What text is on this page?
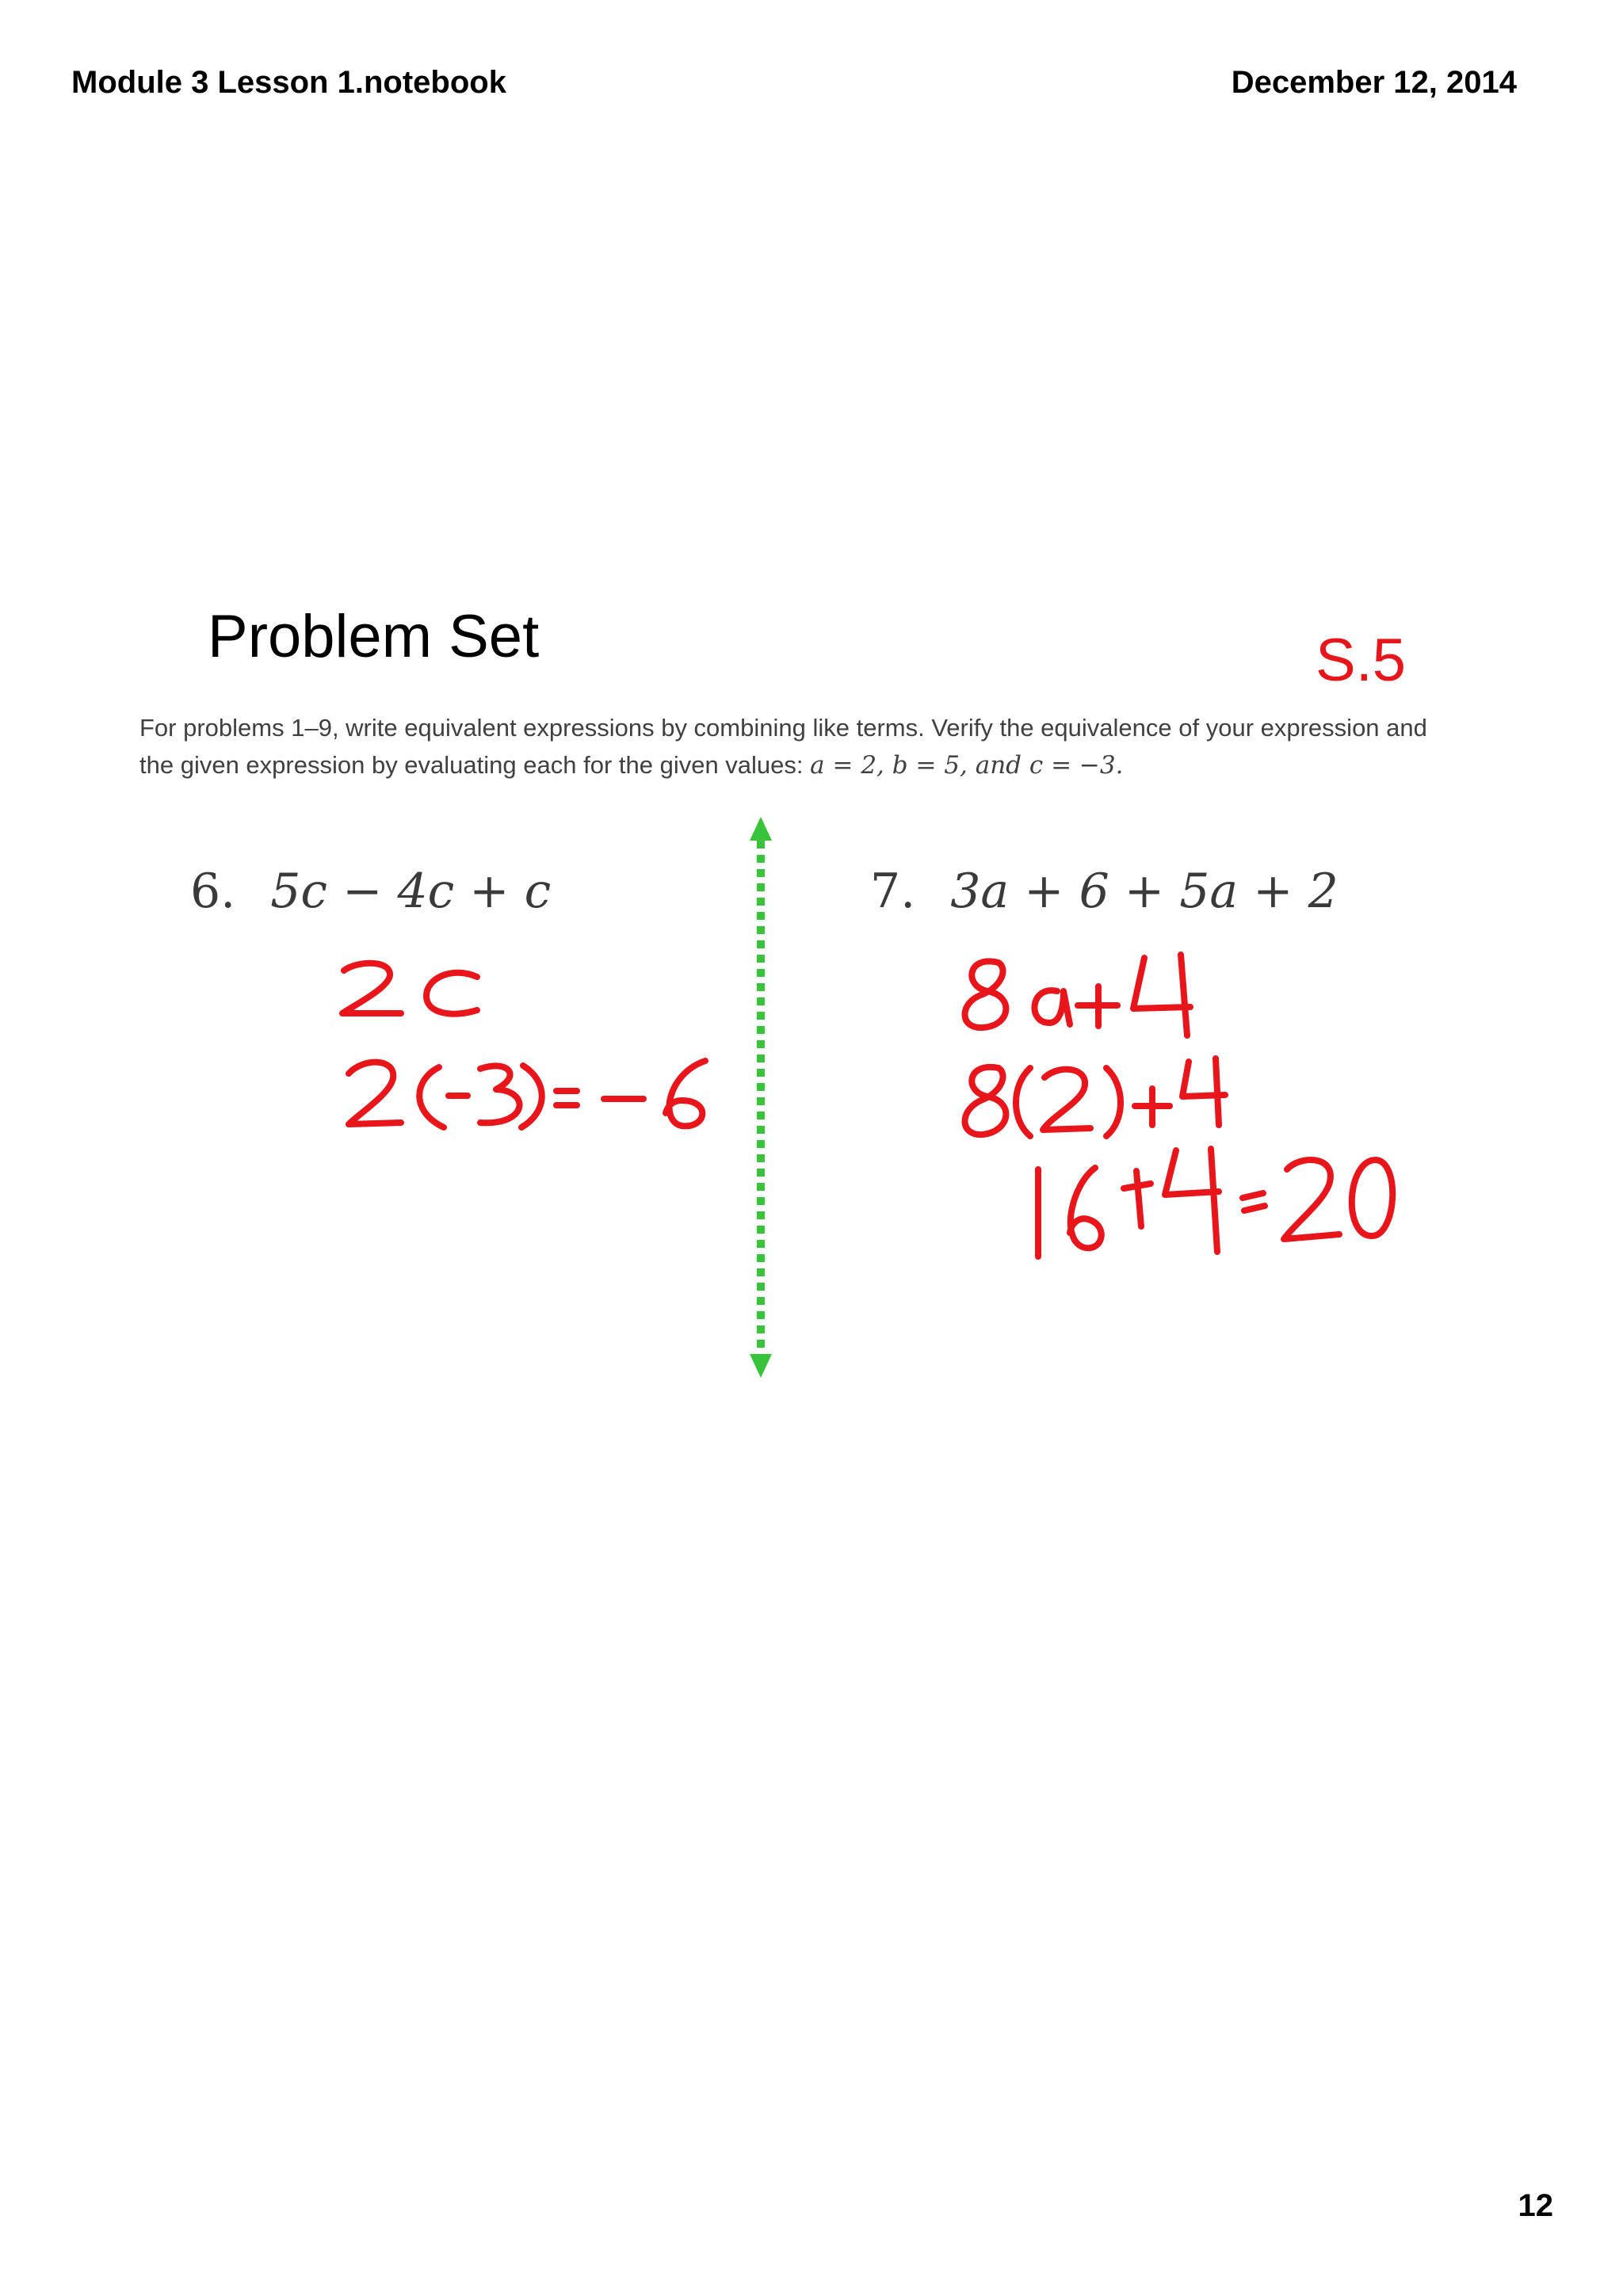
Module 3 Lesson 1.notebook	December 12, 2014
Problem Set	S.5
For problems 1–9, write equivalent expressions by combining like terms. Verify the equivalence of your expression and
the given expression by evaluating each for the given values: a = 2, b = 5, and c = −3.
6. 5c − 4c + c	7. 3a + 6 + 5a + 2
12
